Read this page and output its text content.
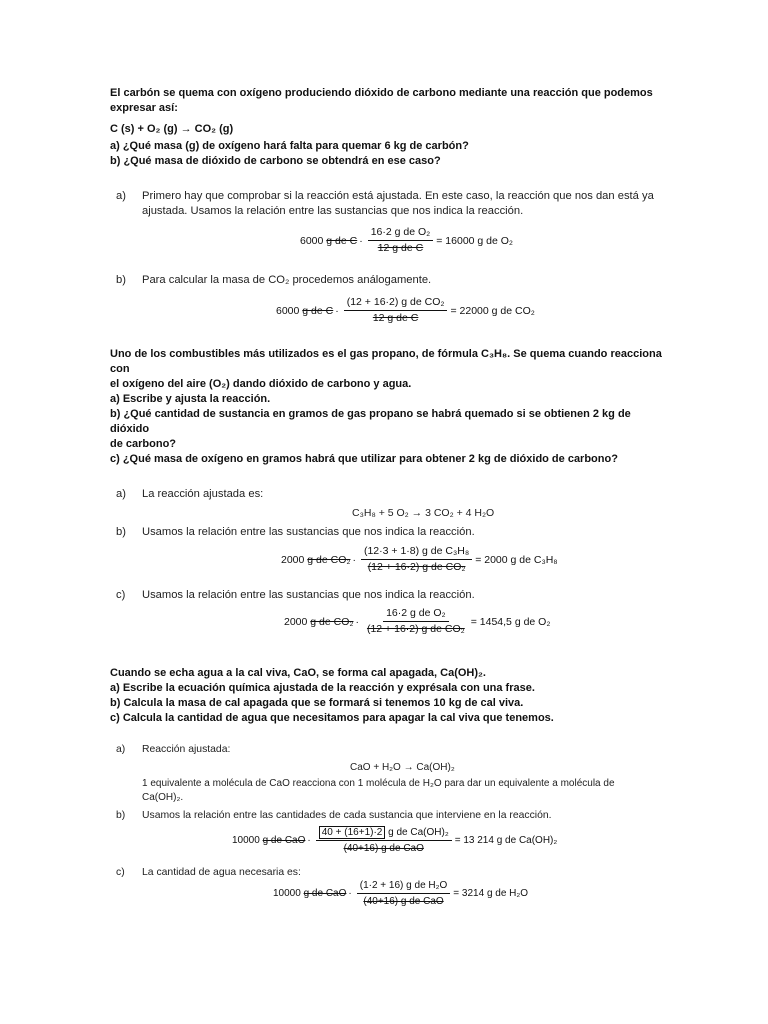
El carbón se quema con oxígeno produciendo dióxido de carbono mediante una reacción que podemos
expresar así:
C (s) + O₂ (g) → CO₂ (g)
a) ¿Qué masa (g) de oxígeno hará falta para quemar 6 kg de carbón?
b) ¿Qué masa de dióxido de carbono se obtendrá en ese caso?
a) Primero hay que comprobar si la reacción está ajustada. En este caso, la reacción que nos dan está ya
ajustada. Usamos la relación entre las sustancias que nos indica la reacción.
6000
g de $C \cdot \frac{\text{16·2 g de O₂}}{\text{12 g de C}} = 16000$ g de O₂
b) Para calcular la masa de CO₂ procedemos análogamente.
6000
g de $C \cdot \frac{\text{(12 + 16·2) g de CO₂}}{\text{12 g de C}} = 22000$ g de CO₂
Uno de los combustibles más utilizados es el gas propano, de fórmula C₃H₈. Se quema cuando reacciona
con
el oxígeno del aire (O₂) dando dióxido de carbono y agua.
a) Escribe y ajusta la reacción.
b) ¿Qué cantidad de sustancia en gramos de gas propano se habrá quemado si se obtienen 2 kg de
dióxido
de carbono?
c) ¿Qué masa de oxígeno en gramos habrá que utilizar para obtener 2 kg de dióxido de carbono?
a) La reacción ajustada es:
C₃H₈ + 5 O₂ → 3 CO₂ + 4 H₂O
b) Usamos la relación entre las sustancias que nos indica la reacción.
2000
g de $CO_2 \cdot \frac{\text{(12·3 + 1·8) g de C₃H₈}}{\text{(12 + 16·2) g de CO₂}} = 2000$ g de C₃H₈
c) Usamos la relación entre las sustancias que nos indica la reacción.
2000
g de $CO_2 \cdot \frac{\text{16·2 g de O₂}}{\text{(12 + 16·2) g de CO₂}} = 1454,5$ g de O₂
Cuando se echa agua a la cal viva, CaO, se forma cal apagada, Ca(OH)₂.
a) Escribe la ecuación química ajustada de la reacción y exprésala con una frase.
b) Calcula la masa de cal apagada que se formará si tenemos 10 kg de cal viva.
c) Calcula la cantidad de agua que necesitamos para apagar la cal viva que tenemos.
a) Reacción ajustada:
CaO + H₂O → Ca(OH)₂
1 equivalente a molécula de CaO reacciona con 1 molécula de H₂O para dar un equivalente a molécula de
Ca(OH)₂.
b) Usamos la relación entre las cantidades de cada sustancia que interviene en la reacción.
10000
g de CaO · $\frac{\text{40 + (16+1)·2 g de Ca(OH)₂}}{\text{(40+16) g de CaO}} = 13$ 214 g de Ca(OH)₂
c) La cantidad de agua necesaria es:
10000
g de CaO · $\frac{\text{(1·2 + 16) g de H₂O}}{\text{(40+16) g de CaO}} = 3214$ g de H₂O
